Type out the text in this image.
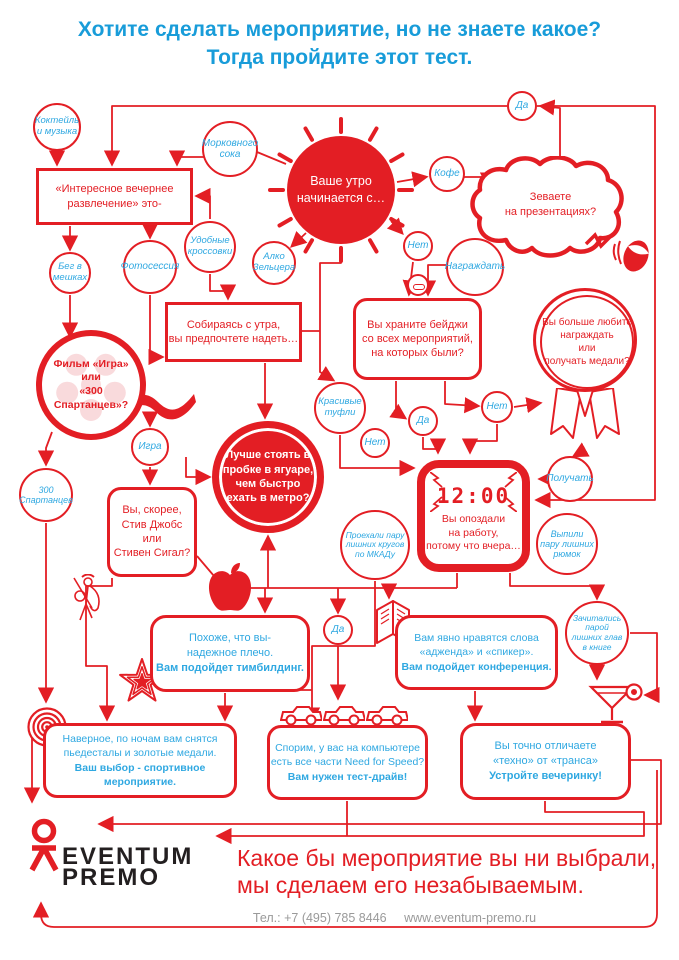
Хотите сделать мероприятие, но не знаете какое?
Тогда пройдите этот тест.
Ваше утро
начинается с…	Зеваете
на презентациях?
«Интересное вечернее
развлечение» это-
Собираясь с утра,
вы предпочтете надеть…
Вы храните бейджи
со всех мероприятий,
на которых были?
Вы, скорее,
Стив Джобс
или
Стивен Сигал?
12:00
Вы опоздали
на работу,
потому что вчера…
Вы больше любите
награждать
или
получать медали?
Фильм «Игра»
или
«300 Спартанцев»?
Лучше стоять в
пробке в ягуаре,
чем быстро
ехать в метро?
Коктейль и музыка
Морковного сока
Кофе
Да
Бег в мешках
Фотосессия
Удобные кроссовки	Алко Зельцера
Нет
Награждать
Красивые туфли
Да
Нет
Нет
Игра
300 Спартанцев
Получать
Выпили пару лишних рюмок
Проехали пару лишних кругов по МКАДу
Зачитались парой лишних глав в книге
Да
Похоже, что вы-
надежное плечо.
Вам подойдет тимбилдинг.
Вам явно нравятся слова
«адженда» и «спикер».
Вам подойдет конференция.
Наверное, по ночам вам снятся
пьедесталы и золотые медали.
Ваш выбор - спортивное мероприятие.
Спорим, у вас на компьютере
есть все части Need for Speed?
Вам нужен тест-драйв!
Вы точно отличаете
«техно» от «транса»
Устройте вечеринку!
EVENTUM
PREMO
Какое бы мероприятие вы ни выбрали,
мы сделаем его незабываемым.
Тел.: +7 (495) 785 8446 www.eventum-premo.ru
